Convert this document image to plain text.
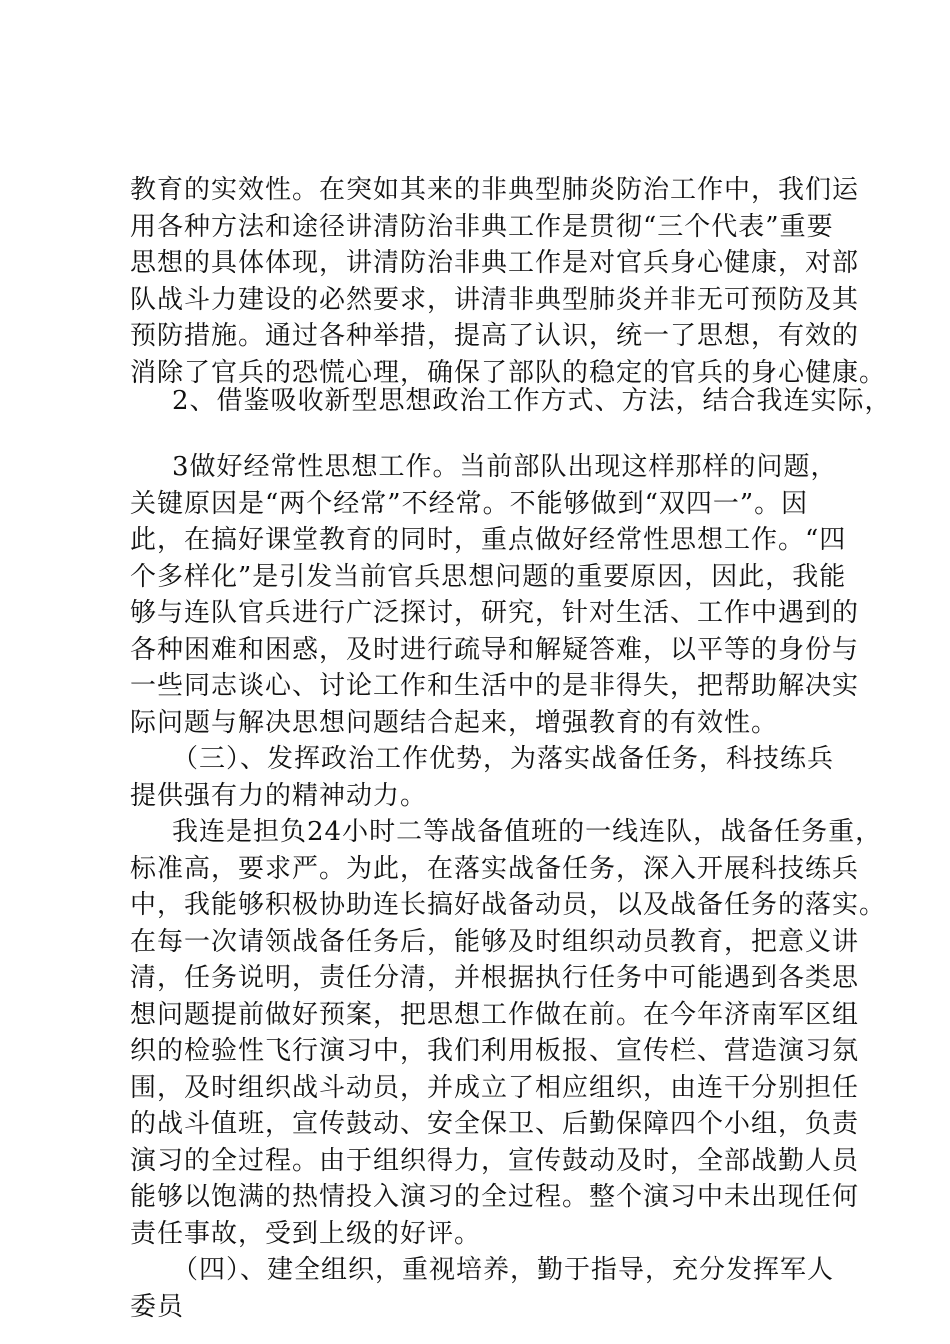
教育的实效性。在突如其来的非典型肺炎防治工作中，我们运
用各种方法和途径讲清防治非典工作是贯彻“三个代表”重要
思想的具体体现，讲清防治非典工作是对官兵身心健康，对部
队战斗力建设的必然要求，讲清非典型肺炎并非无可预防及其
预防措施。通过各种举措，提高了认识，统一了思想，有效的
消除了官兵的恐慌心理，确保了部队的稳定的官兵的身心健康。
2、借鉴吸收新型思想政治工作方式、方法，结合我连实际，
3做好经常性思想工作。当前部队出现这样那样的问题，
关键原因是“两个经常”不经常。不能够做到“双四一”。因
此，在搞好课堂教育的同时，重点做好经常性思想工作。“四
个多样化”是引发当前官兵思想问题的重要原因，因此，我能
够与连队官兵进行广泛探讨，研究，针对生活、工作中遇到的
各种困难和困惑，及时进行疏导和解疑答难，以平等的身份与
一些同志谈心、讨论工作和生活中的是非得失，把帮助解决实
际问题与解决思想问题结合起来，增强教育的有效性。
（三）、发挥政治工作优势，为落实战备任务，科技练兵
提供强有力的精神动力。
我连是担负24小时二等战备值班的一线连队，战备任务重，
标准高，要求严。为此，在落实战备任务，深入开展科技练兵
中，我能够积极协助连长搞好战备动员，以及战备任务的落实。
在每一次请领战备任务后，能够及时组织动员教育，把意义讲
清，任务说明，责任分清，并根据执行任务中可能遇到各类思
想问题提前做好预案，把思想工作做在前。在今年济南军区组
织的检验性飞行演习中，我们利用板报、宣传栏、营造演习氛
围，及时组织战斗动员，并成立了相应组织，由连干分别担任
的战斗值班，宣传鼓动、安全保卫、后勤保障四个小组，负责
演习的全过程。由于组织得力，宣传鼓动及时，全部战勤人员
能够以饱满的热情投入演习的全过程。整个演习中未出现任何
责任事故，受到上级的好评。
（四）、建全组织，重视培养，勤于指导，充分发挥军人
委员
